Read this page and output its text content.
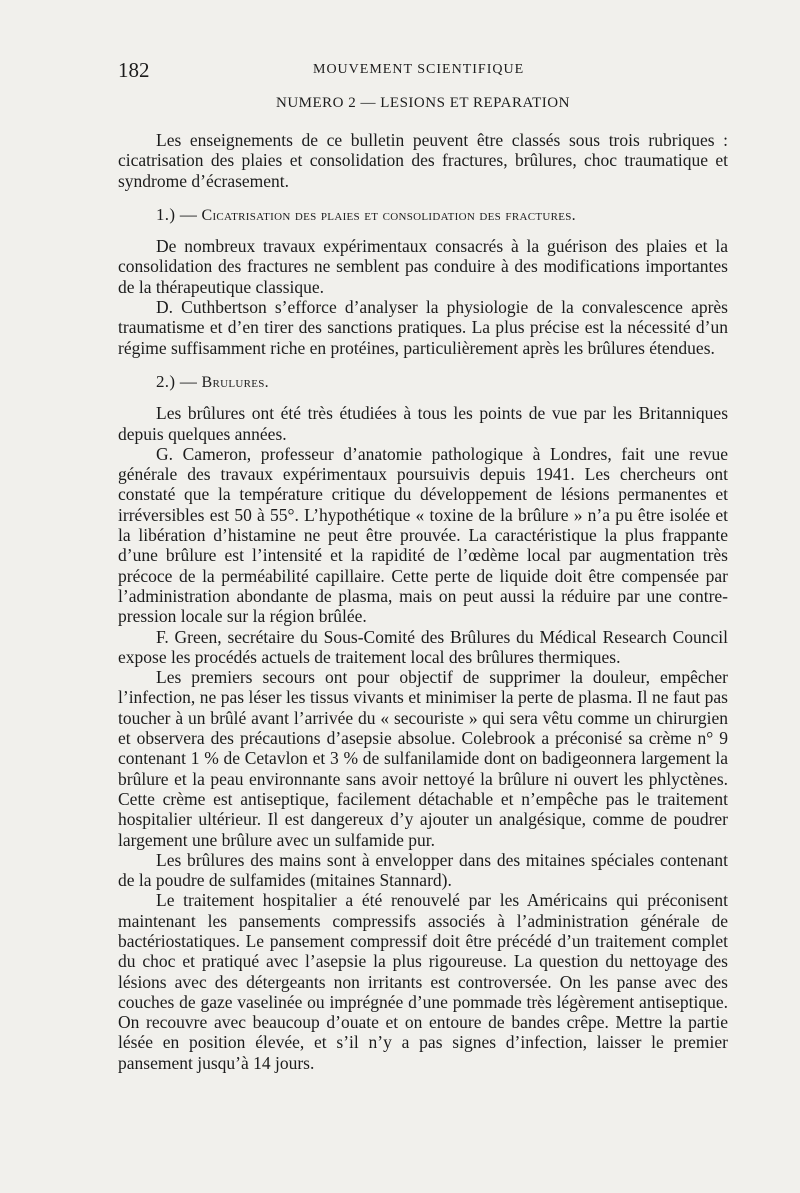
182	MOUVEMENT SCIENTIFIQUE
NUMERO 2 — LESIONS ET REPARATION

Les enseignements de ce bulletin peuvent être classés sous trois rubriques : cicatrisation des plaies et consolidation des fractures, brûlures, choc traumatique et syndrome d’écrasement.

1.) — Cicatrisation des plaies et consolidation des fractures.

De nombreux travaux expérimentaux consacrés à la guérison des plaies et la consolidation des fractures ne semblent pas conduire à des modifications importantes de la thérapeutique classique.

D. Cuthbertson s’efforce d’analyser la physiologie de la convalescence après traumatisme et d’en tirer des sanctions pratiques. La plus précise est la nécessité d’un régime suffisamment riche en protéines, particulièrement après les brûlures étendues.

2.) — Brulures.

Les brûlures ont été très étudiées à tous les points de vue par les Britanniques depuis quelques années.

G. Cameron, professeur d’anatomie pathologique à Londres, fait une revue générale des travaux expérimentaux poursuivis depuis 1941. Les chercheurs ont constaté que la température critique du développement de lésions permanentes et irréversibles est 50 à 55°. L’hypothétique « toxine de la brûlure » n’a pu être isolée et la libération d’histamine ne peut être prouvée. La caractéristique la plus frappante d’une brûlure est l’intensité et la rapidité de l’œdème local par augmentation très précoce de la perméabilité capillaire. Cette perte de liquide doit être compensée par l’administration abondante de plasma, mais on peut aussi la réduire par une contre-pression locale sur la région brûlée.

F. Green, secrétaire du Sous-Comité des Brûlures du Médical Research Council expose les procédés actuels de traitement local des brûlures thermiques.

Les premiers secours ont pour objectif de supprimer la douleur, empêcher l’infection, ne pas léser les tissus vivants et minimiser la perte de plasma. Il ne faut pas toucher à un brûlé avant l’arrivée du « secouriste » qui sera vêtu comme un chirurgien et observera des précautions d’asepsie absolue. Colebrook a préconisé sa crème n° 9 contenant 1 % de Cetavlon et 3 % de sulfanilamide dont on badigeonnera largement la brûlure et la peau environnante sans avoir nettoyé la brûlure ni ouvert les phlyctènes. Cette crème est antiseptique, facilement détachable et n’empêche pas le traitement hospitalier ultérieur. Il est dangereux d’y ajouter un analgésique, comme de poudrer largement une brûlure avec un sulfamide pur.

Les brûlures des mains sont à envelopper dans des mitaines spéciales contenant de la poudre de sulfamides (mitaines Stannard).

Le traitement hospitalier a été renouvelé par les Américains qui préconisent maintenant les pansements compressifs associés à l’administration générale de bactériostatiques. Le pansement compressif doit être précédé d’un traitement complet du choc et pratiqué avec l’asepsie la plus rigoureuse. La question du nettoyage des lésions avec des détergeants non irritants est controversée. On les panse avec des couches de gaze vaselinée ou imprégnée d’une pommade très légèrement antiseptique. On recouvre avec beaucoup d’ouate et on entoure de bandes crêpe. Mettre la partie lésée en position élevée, et s’il n’y a pas signes d’infection, laisser le premier pansement jusqu’à 14 jours.
